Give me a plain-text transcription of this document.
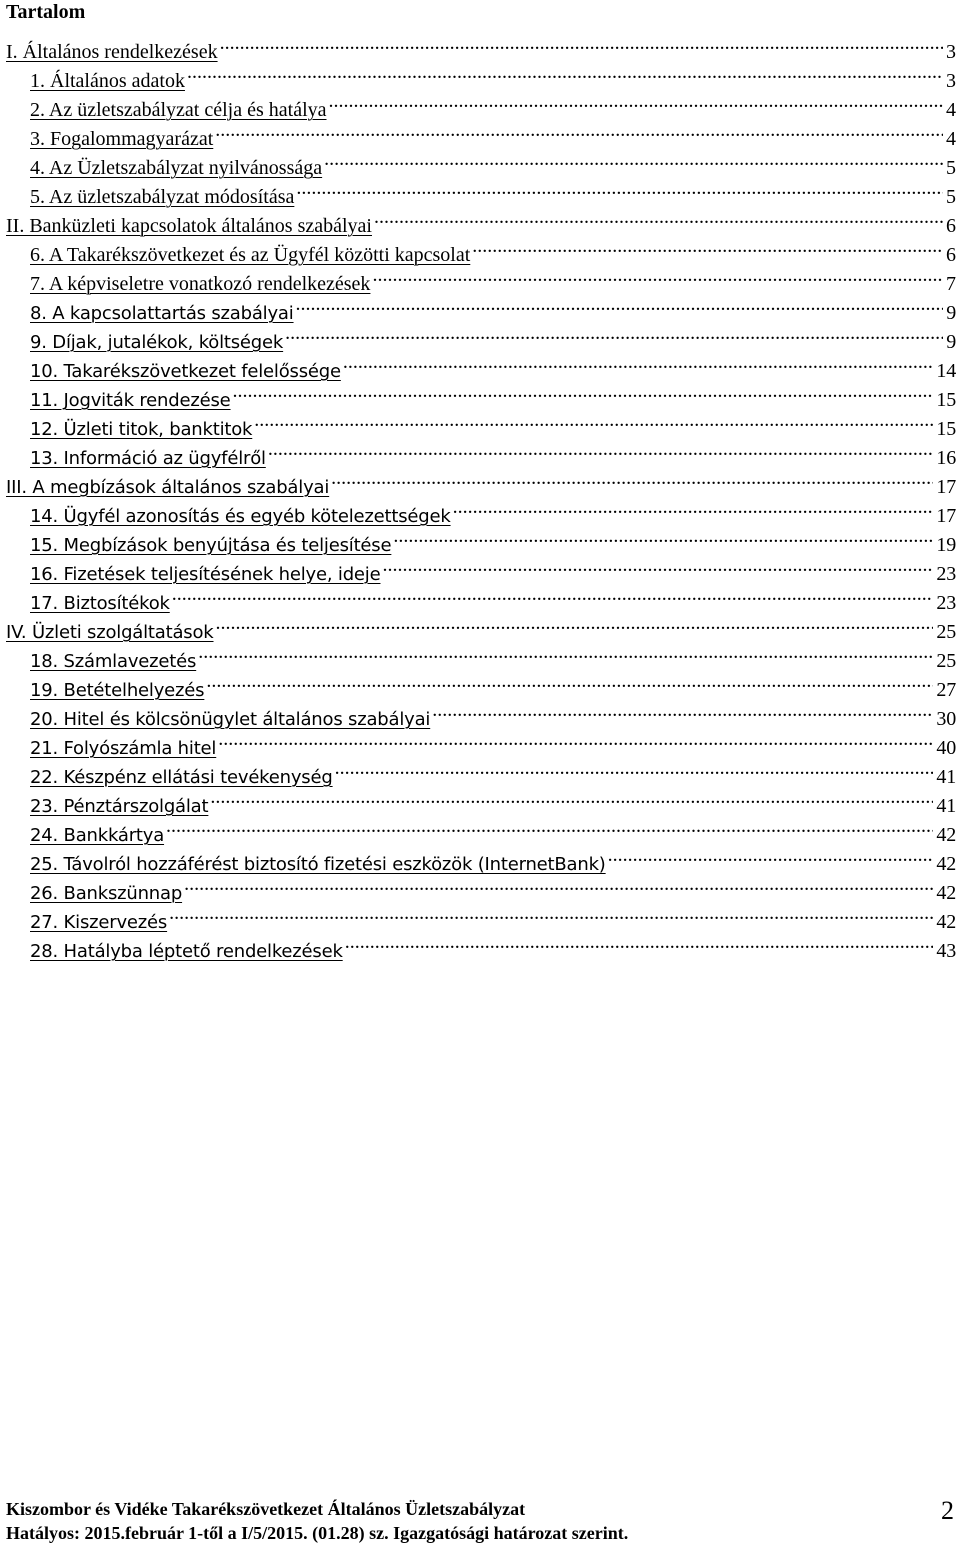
Tartalom
I. Általános rendelkezések .....	3
1. Általános adatok .....	3
2. Az üzletszabályzat célja és hatálya .....	4
3. Fogalommagyarázat .....	4
4. Az Üzletszabályzat nyilvánossága .....	5
5. Az üzletszabályzat módosítása .....	5
II. Banküzleti kapcsolatok általános szabályai .....	6
6. A Takarékszövetkezet és az Ügyfél közötti kapcsolat .....	6
7. A képviseletre vonatkozó rendelkezések .....	7
8. A kapcsolattartás szabályai .....	9
9. Díjak, jutalékok, költségek .....	9
10. Takarékszövetkezet felelőssége .....	14
11. Jogviták rendezése .....	15
12. Üzleti titok, banktitok .....	15
13. Információ az ügyfélről .....	16
III. A megbízások általános szabályai .....	17
14. Ügyfél azonosítás és egyéb kötelezettségek .....	17
15. Megbízások benyújtása és teljesítése .....	19
16. Fizetések teljesítésének helye, ideje .....	23
17. Biztosítékok .....	23
IV. Üzleti szolgáltatások .....	25
18. Számlavezetés .....	25
19. Betételhelyezés .....	27
20. Hitel és kölcsönügylet általános szabályai .....	30
21. Folyószámla hitel .....	40
22. Készpénz ellátási tevékenység .....	41
23. Pénztárszolgálat .....	41
24. Bankkártya .....	42
25. Távolról hozzáférést biztosító fizetési eszközök (InternetBank) .....	42
26. Bankszünnap .....	42
27. Kiszervezés .....	42
28. Hatályba léptető rendelkezések .....	43
Kiszombor és Vidéke Takarékszövetkezet Általános Üzletszabályzat
Hatályos: 2015.február 1-től a I/5/2015. (01.28) sz. Igazgatósági határozat szerint.
2
